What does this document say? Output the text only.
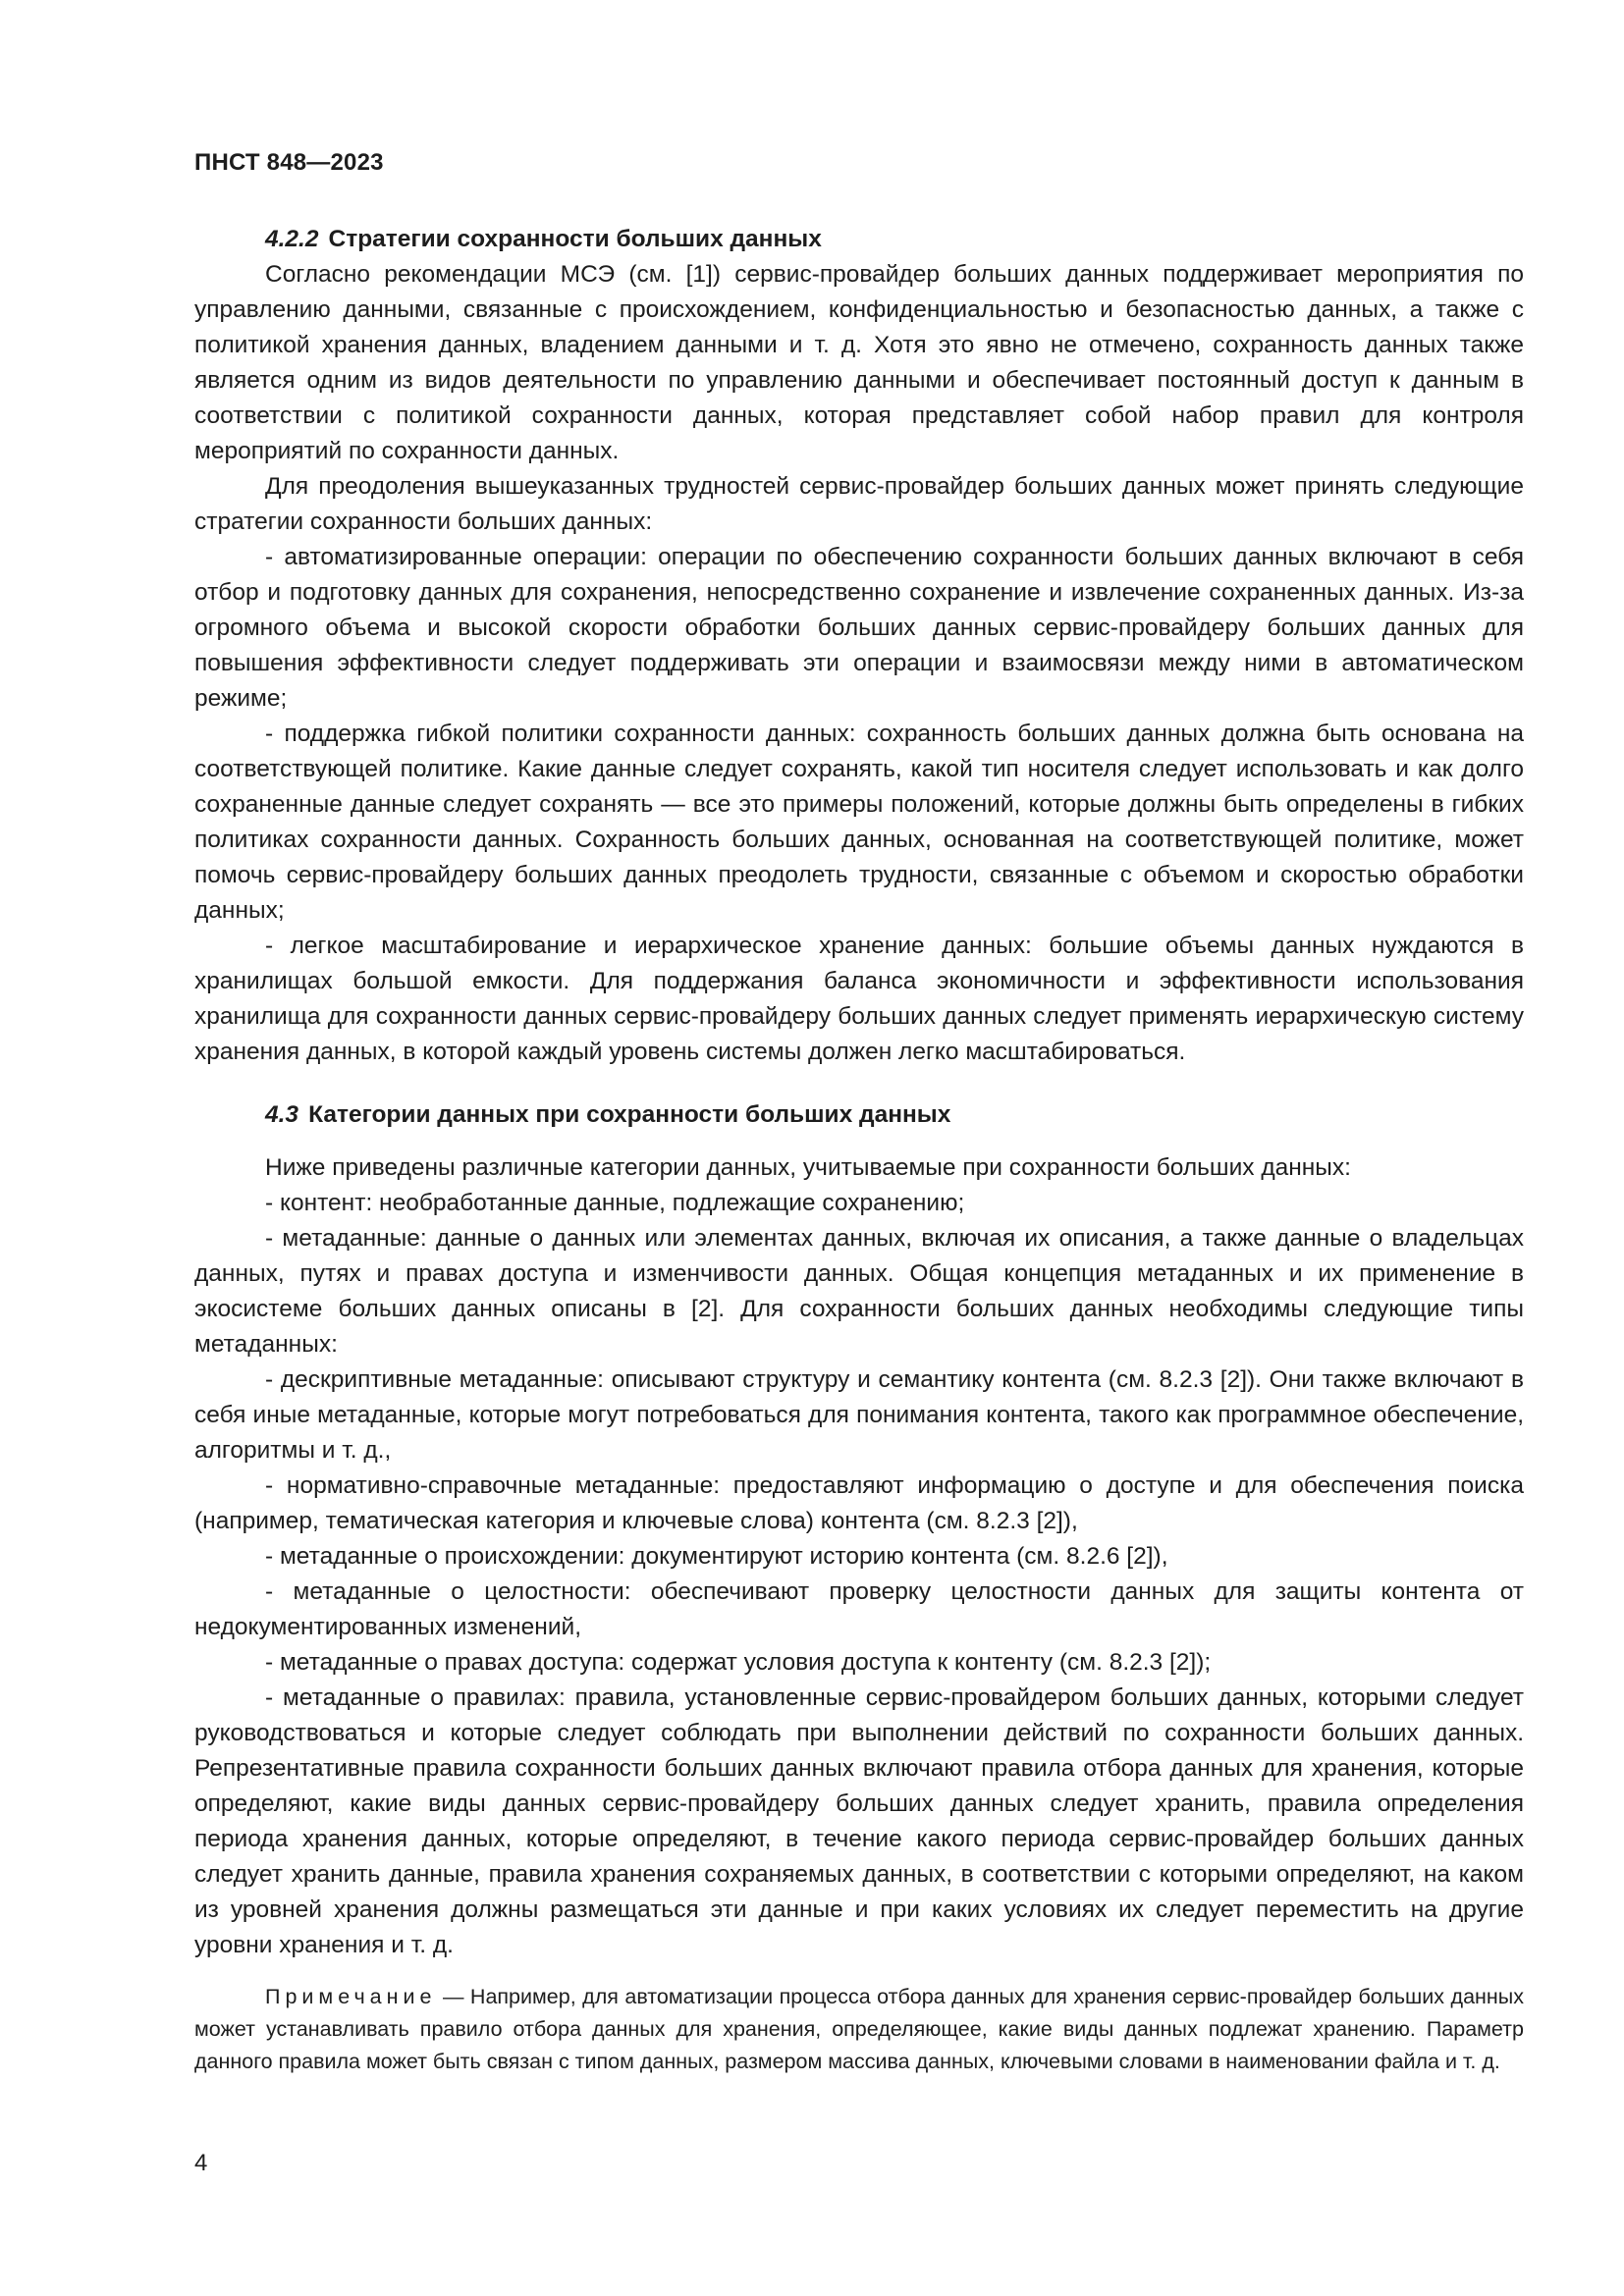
ПНСТ 848—2023

4.2.2 Стратегии сохранности больших данных

Согласно рекомендации МСЭ (см. [1]) сервис-провайдер больших данных поддерживает мероприятия по управлению данными, связанные с происхождением, конфиденциальностью и безопасностью данных, а также с политикой хранения данных, владением данными и т. д. Хотя это явно не отмечено, сохранность данных также является одним из видов деятельности по управлению данными и обеспечивает постоянный доступ к данным в соответствии с политикой сохранности данных, которая представляет собой набор правил для контроля мероприятий по сохранности данных.

Для преодоления вышеуказанных трудностей сервис-провайдер больших данных может принять следующие стратегии сохранности больших данных:

- автоматизированные операции: операции по обеспечению сохранности больших данных включают в себя отбор и подготовку данных для сохранения, непосредственно сохранение и извлечение сохраненных данных. Из-за огромного объема и высокой скорости обработки больших данных сервис-провайдеру больших данных для повышения эффективности следует поддерживать эти операции и взаимосвязи между ними в автоматическом режиме;

- поддержка гибкой политики сохранности данных: сохранность больших данных должна быть основана на соответствующей политике. Какие данные следует сохранять, какой тип носителя следует использовать и как долго сохраненные данные следует сохранять — все это примеры положений, которые должны быть определены в гибких политиках сохранности данных. Сохранность больших данных, основанная на соответствующей политике, может помочь сервис-провайдеру больших данных преодолеть трудности, связанные с объемом и скоростью обработки данных;

- легкое масштабирование и иерархическое хранение данных: большие объемы данных нуждаются в хранилищах большой емкости. Для поддержания баланса экономичности и эффективности использования хранилища для сохранности данных сервис-провайдеру больших данных следует применять иерархическую систему хранения данных, в которой каждый уровень системы должен легко масштабироваться.

4.3 Категории данных при сохранности больших данных

Ниже приведены различные категории данных, учитываемые при сохранности больших данных:

- контент: необработанные данные, подлежащие сохранению;

- метаданные: данные о данных или элементах данных, включая их описания, а также данные о владельцах данных, путях и правах доступа и изменчивости данных. Общая концепция метаданных и их применение в экосистеме больших данных описаны в [2]. Для сохранности больших данных необходимы следующие типы метаданных:

- дескриптивные метаданные: описывают структуру и семантику контента (см. 8.2.3 [2]). Они также включают в себя иные метаданные, которые могут потребоваться для понимания контента, такого как программное обеспечение, алгоритмы и т. д.,

- нормативно-справочные метаданные: предоставляют информацию о доступе и для обеспечения поиска (например, тематическая категория и ключевые слова) контента (см. 8.2.3 [2]),

- метаданные о происхождении: документируют историю контента (см. 8.2.6 [2]),

- метаданные о целостности: обеспечивают проверку целостности данных для защиты контента от недокументированных изменений,

- метаданные о правах доступа: содержат условия доступа к контенту (см. 8.2.3 [2]);

- метаданные о правилах: правила, установленные сервис-провайдером больших данных, которыми следует руководствоваться и которые следует соблюдать при выполнении действий по сохранности больших данных. Репрезентативные правила сохранности больших данных включают правила отбора данных для хранения, которые определяют, какие виды данных сервис-провайдеру больших данных следует хранить, правила определения периода хранения данных, которые определяют, в течение какого периода сервис-провайдер больших данных следует хранить данные, правила хранения сохраняемых данных, в соответствии с которыми определяют, на каком из уровней хранения должны размещаться эти данные и при каких условиях их следует переместить на другие уровни хранения и т. д.

Примечание — Например, для автоматизации процесса отбора данных для хранения сервис-провайдер больших данных может устанавливать правило отбора данных для хранения, определяющее, какие виды данных подлежат хранению. Параметр данного правила может быть связан с типом данных, размером массива данных, ключевыми словами в наименовании файла и т. д.

4
